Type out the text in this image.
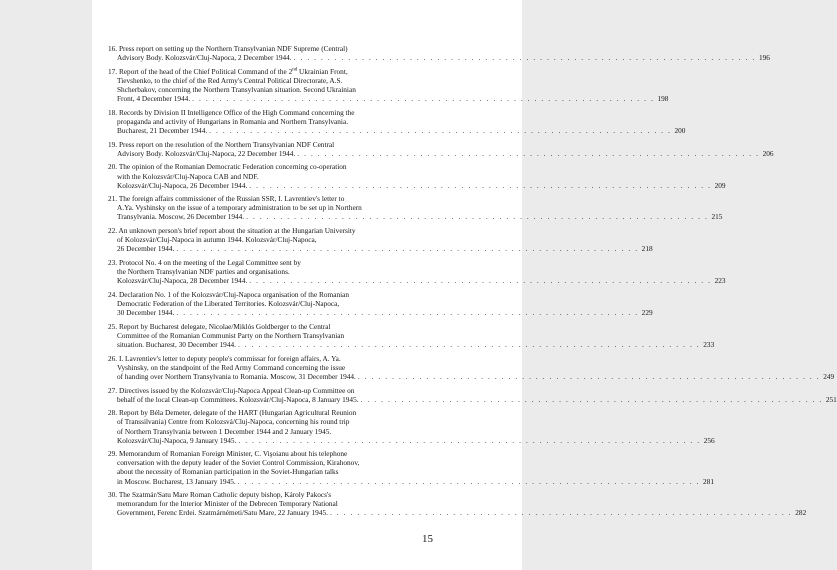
16. Press report on setting up the Northern Transylvanian NDF Supreme (Central)
Advisory Body. Kolozsvár/Cluj-Napoca, 2 December 1944. . . . . . . . . . . . . . . . . . . . . . . . . . . . . . . . . . . . . . . . . . . . . . . . . . . . . . . . . . . . . . . . . . . . . 196
17. Report of the head of the Chief Political Command of the 2nd Ukrainian Front,
Tievshenko, to the chief of the Red Army's Central Political Directorate, A.S.
Shcherbakov, concerning the Northern Transylvanian situation. Second Ukrainian
Front, 4 December 1944. . . . . . . . . . . . . . . . . . . . . . . . . . . . . . . . . . . . . . . . . . . . . . . . . . . . . . . . . . . . . . . . . . . . . 198
18. Records by Division II Intelligence Office of the High Command concerning the
propaganda and activity of Hungarians in Romania and Northern Transylvania.
Bucharest, 21 December 1944. . . . . . . . . . . . . . . . . . . . . . . . . . . . . . . . . . . . . . . . . . . . . . . . . . . . . . . . . . . . . . . . . . . . . 200
19. Press report on the resolution of the Northern Transylvanian NDF Central
Advisory Body. Kolozsvár/Cluj-Napoca, 22 December 1944. . . . . . . . . . . . . . . . . . . . . . . . . . . . . . . . . . . . . . . . . . . . . . . . . . . . . . . . . . . . . . . . . . . . . 206
20. The opinion of the Romanian Democratic Federation concerning co-operation
with the Kolozsvár/Cluj-Napoca CAB and NDF.
Kolozsvár/Cluj-Napoca, 26 December 1944. . . . . . . . . . . . . . . . . . . . . . . . . . . . . . . . . . . . . . . . . . . . . . . . . . . . . . . . . . . . . . . . . . . . . 209
21. The foreign affairs commissioner of the Russian SSR, I. Lavrentiev's letter to
A.Ya. Vyshinsky on the issue of a temporary administration to be set up in Northern
Transylvania. Moscow, 26 December 1944. . . . . . . . . . . . . . . . . . . . . . . . . . . . . . . . . . . . . . . . . . . . . . . . . . . . . . . . . . . . . . . . . . . . . 215
22. An unknown person's brief report about the situation at the Hungarian University
of Kolozsvár/Cluj-Napoca in autumn 1944. Kolozsvár/Cluj-Napoca,
26 December 1944. . . . . . . . . . . . . . . . . . . . . . . . . . . . . . . . . . . . . . . . . . . . . . . . . . . . . . . . . . . . . . . . . . . . . 218
23. Protocol No. 4 on the meeting of the Legal Committee sent by
the Northern Transylvanian NDF parties and organisations.
Kolozsvár/Cluj-Napoca, 28 December 1944. . . . . . . . . . . . . . . . . . . . . . . . . . . . . . . . . . . . . . . . . . . . . . . . . . . . . . . . . . . . . . . . . . . . . 223
24. Declaration No. 1 of the Kolozsvár/Cluj-Napoca organisation of the Romanian
Democratic Federation of the Liberated Territories. Kolozsvár/Cluj-Napoca,
30 December 1944. . . . . . . . . . . . . . . . . . . . . . . . . . . . . . . . . . . . . . . . . . . . . . . . . . . . . . . . . . . . . . . . . . . . . 229
25. Report by Bucharest delegate, Nicolae/Miklós Goldberger to the Central
Committee of the Romanian Communist Party on the Northern Transylvanian
situation. Bucharest, 30 December 1944. . . . . . . . . . . . . . . . . . . . . . . . . . . . . . . . . . . . . . . . . . . . . . . . . . . . . . . . . . . . . . . . . . . . . 233
26. I. Lavrentiev's letter to deputy people's commissar for foreign affairs, A. Ya.
Vyshinsky, on the standpoint of the Red Army Command concerning the issue
of handing over Northern Transylvania to Romania. Moscow, 31 December 1944. . . . . . . . . . . . . . . . . . . . . . . . . . . . . . . . . . . . . . . . . . . . . . . . . . . . . . . . . . . . . . . . . . . . . 249
27. Directives issued by the Kolozsvár/Cluj-Napoca Appeal Clean-up Committee on
behalf of the local Clean-up Committees. Kolozsvár/Cluj-Napoca, 8 January 1945. . . . . . . . . . . . . . . . . . . . . . . . . . . . . . . . . . . . . . . . . . . . . . . . . . . . . . . . . . . . . . . . . . . . . 251
28. Report by Béla Demeter, delegate of the HART (Hungarian Agricultural Reunion
of Transsilvania) Centre from Kolozsvá/Cluj-Napoca, concerning his round trip
of Northern Transylvania between 1 December 1944 and 2 January 1945.
Kolozsvár/Cluj-Napoca, 9 January 1945. . . . . . . . . . . . . . . . . . . . . . . . . . . . . . . . . . . . . . . . . . . . . . . . . . . . . . . . . . . . . . . . . . . . . 256
29. Memorandum of Romanian Foreign Minister, C. Vişoianu about his telephone
conversation with the deputy leader of the Soviet Control Commission, Kirahonov,
about the necessity of Romanian participation in the Soviet-Hungarian talks
in Moscow. Bucharest, 13 January 1945. . . . . . . . . . . . . . . . . . . . . . . . . . . . . . . . . . . . . . . . . . . . . . . . . . . . . . . . . . . . . . . . . . . . . 281
30. The Szatmár/Satu Mare Roman Catholic deputy bishop, Károly Pakocs's
memorandum for the Interior Minister of the Debrecen Temporary National
Government, Ferenc Erdei. Szatmárnémeti/Satu Mare, 22 January 1945. . . . . . . . . . . . . . . . . . . . . . . . . . . . . . . . . . . . . . . . . . . . . . . . . . . . . . . . . . . . . . . . . . . . . 282
15
